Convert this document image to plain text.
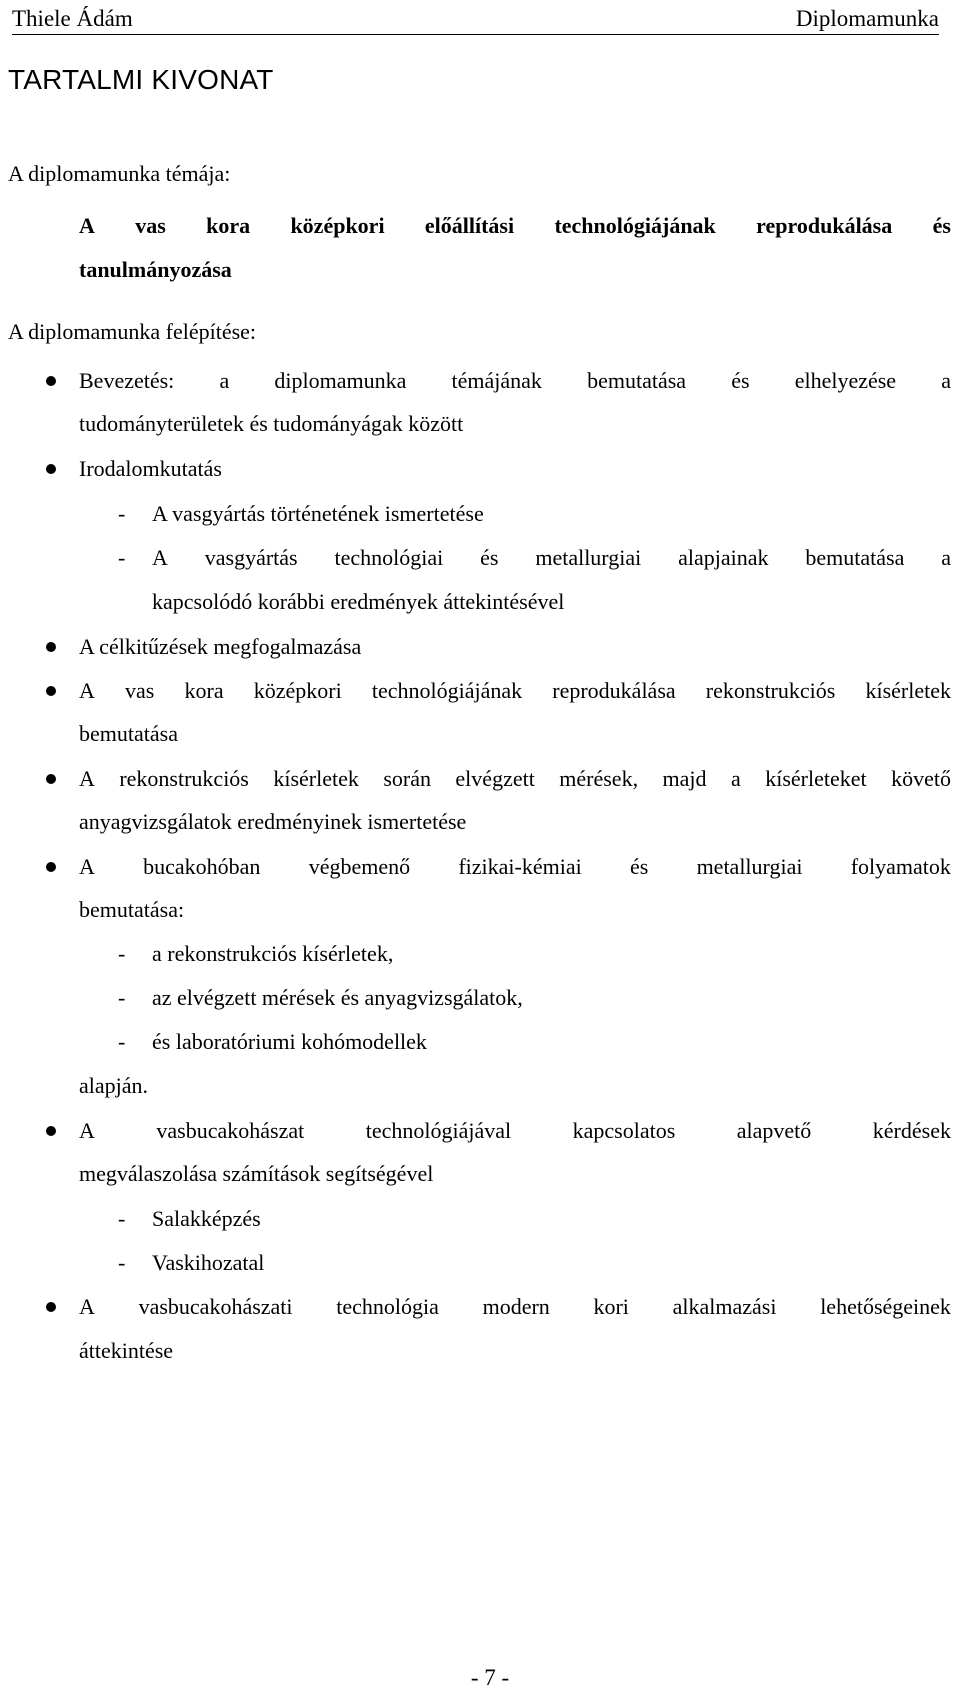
Thiele Ádám	Diplomamunka
TARTALMI KIVONAT
A diplomamunka témája:
A vas kora középkori előállítási technológiájának reprodukálása és
tanulmányozása
A diplomamunka felépítése:
Bevezetés: a diplomamunka témájának bemutatása és elhelyezése a
tudományterületek és tudományágak között
Irodalomkutatás
- A vasgyártás történetének ismertetése
- A vasgyártás technológiai és metallurgiai alapjainak bemutatása a
kapcsolódó korábbi eredmények áttekintésével
A célkitűzések megfogalmazása
A vas kora középkori technológiájának reprodukálása rekonstrukciós kísérletek
bemutatása
A rekonstrukciós kísérletek során elvégzett mérések, majd a kísérleteket követő
anyagvizsgálatok eredményinek ismertetése
A bucakohóban végbemenő fizikai-kémiai és metallurgiai folyamatok
bemutatása:
- a rekonstrukciós kísérletek,
- az elvégzett mérések és anyagvizsgálatok,
- és laboratóriumi kohómodellek
alapján.
A	vasbucakohászat	technológiájával	kapcsolatos	alapvető	kérdések
megválaszolása számítások segítségével
- Salakképzés
- Vaskihozatal
A vasbucakohászati technológia modern kori alkalmazási lehetőségeinek
áttekintése
- 7 -
